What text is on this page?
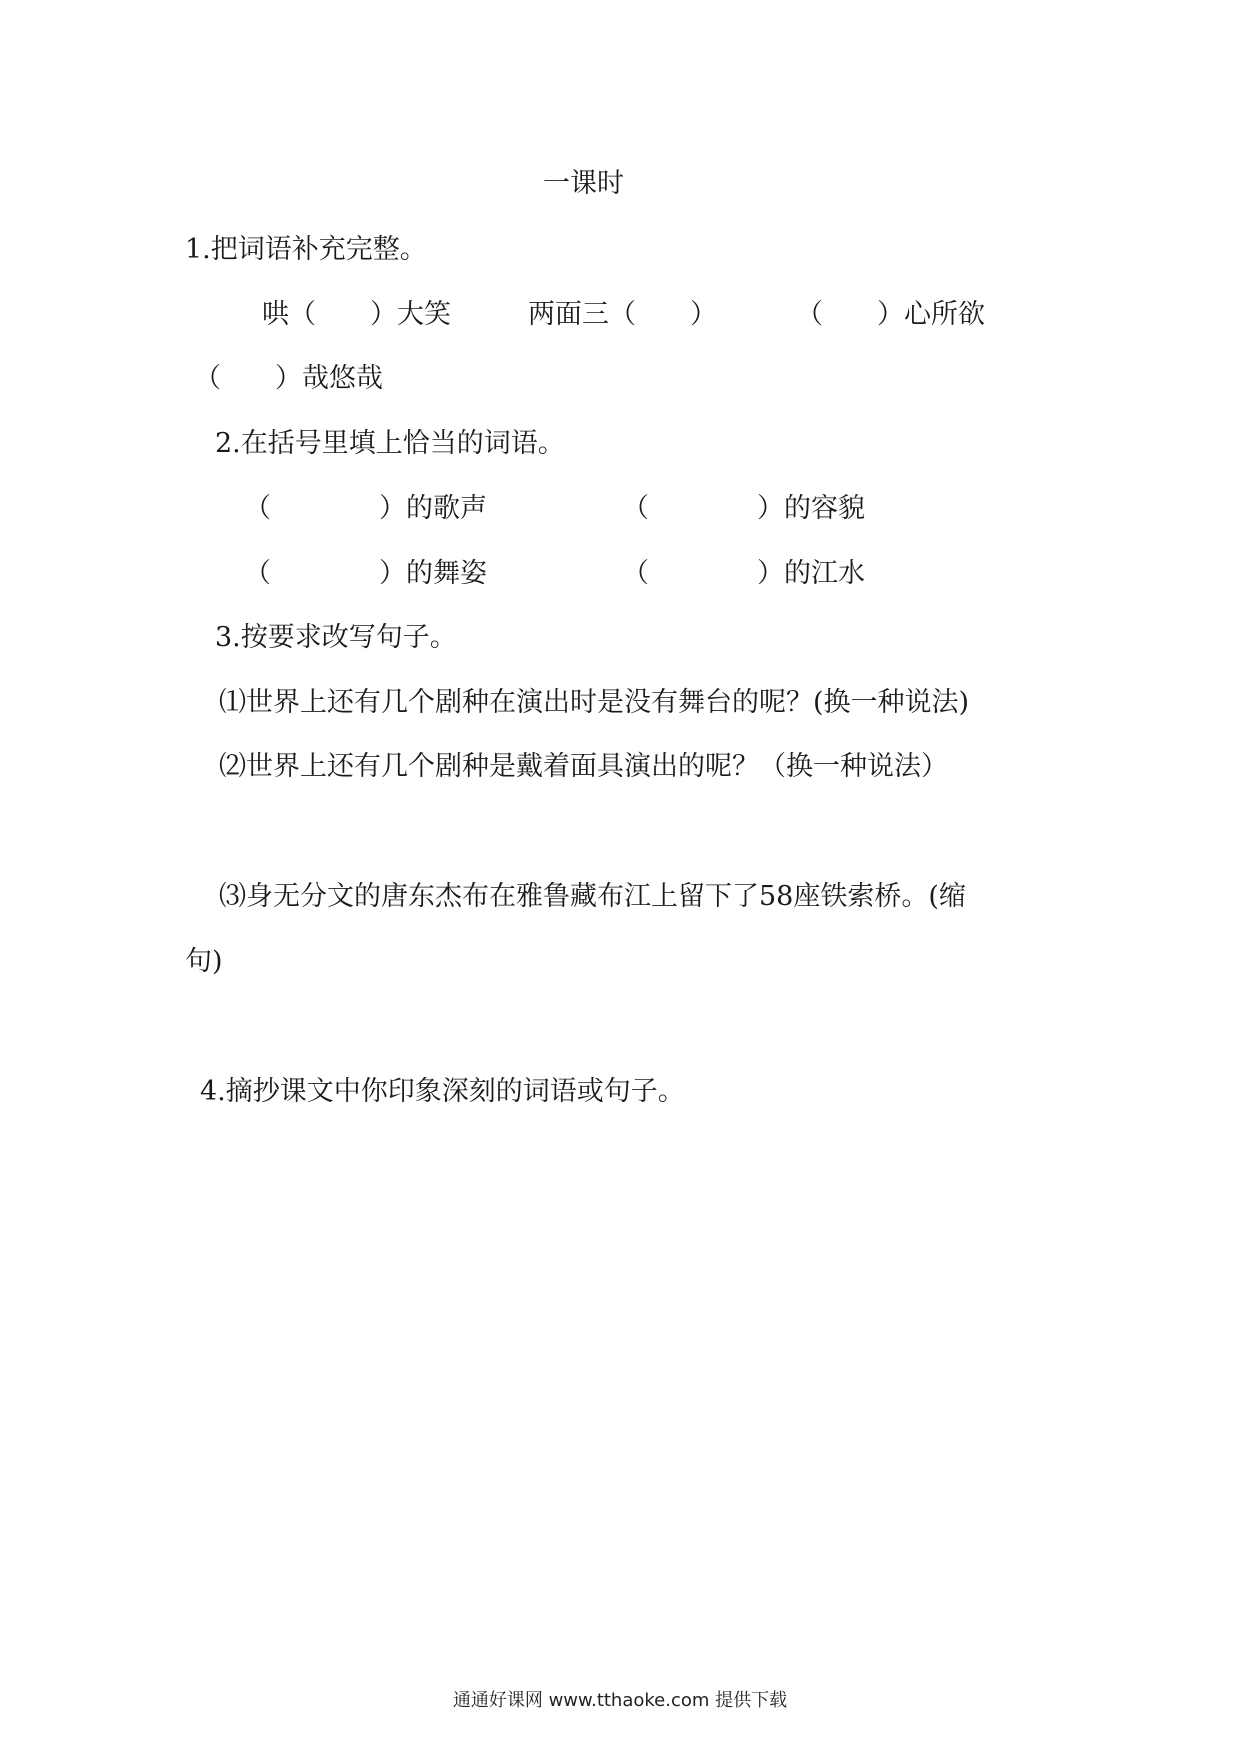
一课时
1.把词语补充完整。
哄（　　）大笑	两面三（　　）	（　　）心所欲
（　　）哉悠哉
2.在括号里填上恰当的词语。
（　　　　）的歌声	（　　　　）的容貌
（　　　　）的舞姿	（　　　　）的江水
3.按要求改写句子。
⑴世界上还有几个剧种在演出时是没有舞台的呢？(换一种说法)
⑵世界上还有几个剧种是戴着面具演出的呢？（换一种说法）
⑶身无分文的唐东杰布在雅鲁藏布江上留下了58座铁索桥。(缩
句)
4.摘抄课文中你印象深刻的词语或句子。
通通好课网 www.tthaoke.com 提供下载
